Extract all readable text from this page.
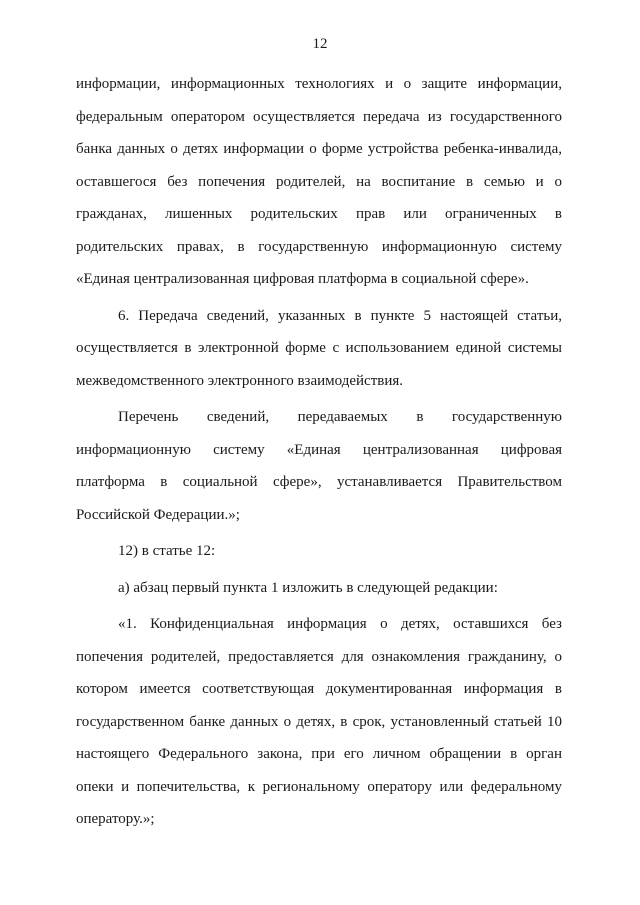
12
информации, информационных технологиях и о защите информации,
федеральным оператором осуществляется передача из государственного
банка данных о детях информации о форме устройства ребенка-инвалида,
оставшегося без попечения родителей, на воспитание в семью и о
гражданах, лишенных родительских прав или ограниченных в
родительских правах, в государственную информационную систему
«Единая централизованная цифровая платформа в социальной сфере».
6. Передача сведений, указанных в пункте 5 настоящей статьи,
осуществляется в электронной форме с использованием единой системы
межведомственного электронного взаимодействия.
Перечень сведений, передаваемых в государственную
информационную систему «Единая централизованная цифровая
платформа в социальной сфере», устанавливается Правительством
Российской Федерации.»;
12) в статье 12:
а) абзац первый пункта 1 изложить в следующей редакции:
«1. Конфиденциальная информация о детях, оставшихся без
попечения родителей, предоставляется для ознакомления гражданину, о
котором имеется соответствующая документированная информация в
государственном банке данных о детях, в срок, установленный статьей 10
настоящего Федерального закона, при его личном обращении в орган
опеки и попечительства, к региональному оператору или федеральному
оператору.»;
